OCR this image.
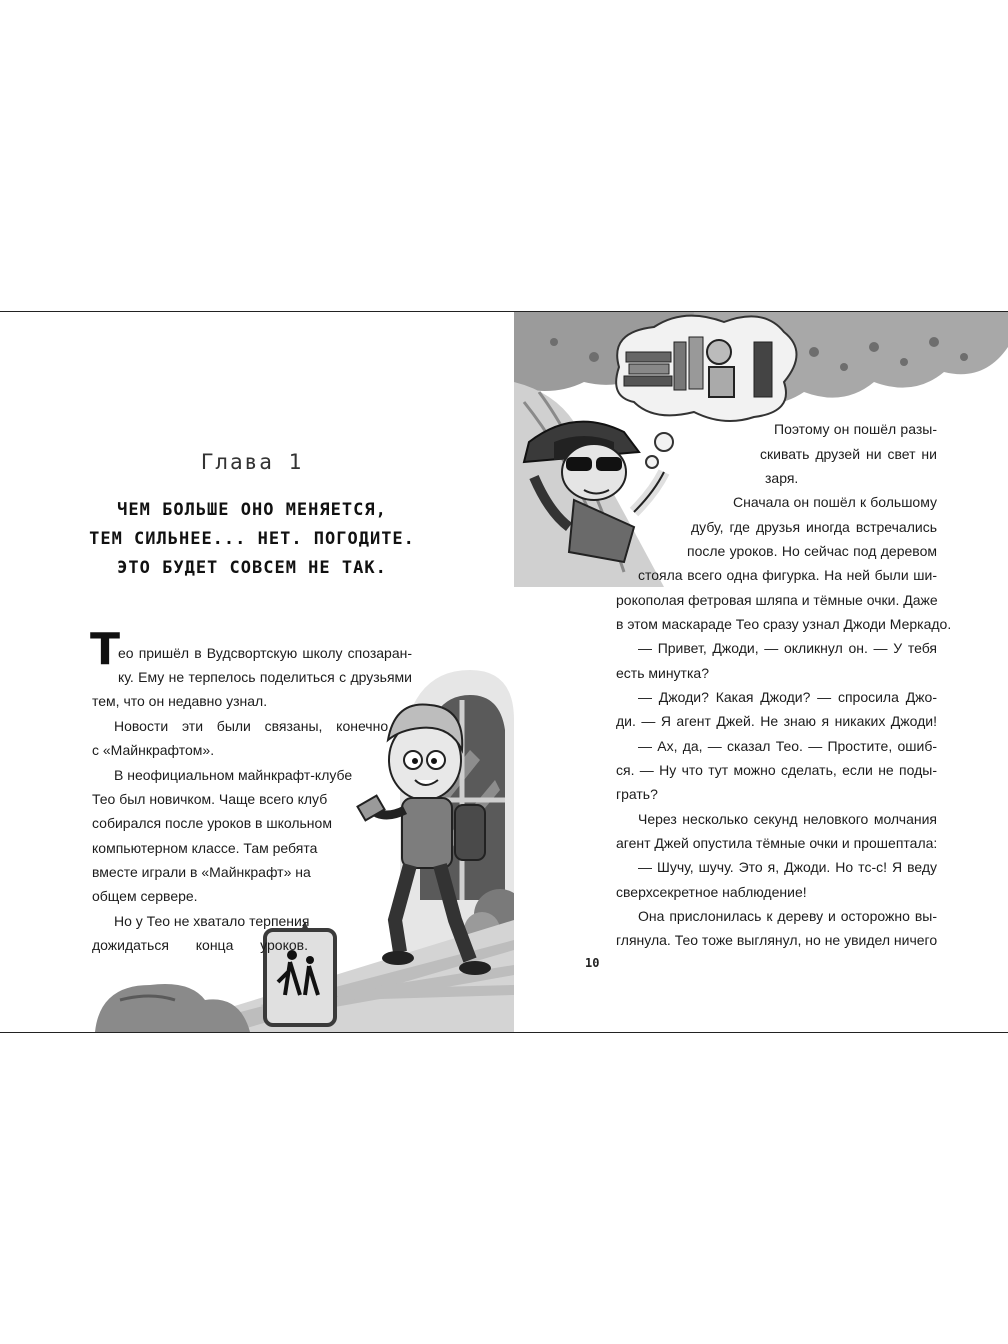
Глава 1
ЧЕМ БОЛЬШЕ ОНО МЕНЯЕТСЯ,
ТЕМ СИЛЬНЕЕ... НЕТ. ПОГОДИТЕ.
ЭТО БУДЕТ СОВСЕМ НЕ ТАК.
Т
ео пришёл в Вудсвортскую школу спозаран-
ку. Ему не терпелось поделиться с друзьями
тем, что он недавно узнал.
Новости эти были связаны, конечно,
с «Майнкрафтом».
В неофициальном майнкрафт-клубе
Тео был новичком. Чаще всего клуб
собирался после уроков в школьном
компьютерном классе. Там ребята
вместе играли в «Майнкрафт» на
общем сервере.
Но у Тео не хватало терпения
дожидаться конца уроков.
Поэтому он пошёл разы-
скивать друзей ни свет ни
заря.
Сначала он пошёл к большому
дубу, где друзья иногда встречались
после уроков. Но сейчас под деревом
стояла всего одна фигурка. На ней были ши-
рокополая фетровая шляпа и тёмные очки. Даже
в этом маскараде Тео сразу узнал Джоди Меркадо.
— Привет, Джоди, — окликнул он. — У тебя
есть минутка?
— Джоди? Какая Джоди? — спросила Джо-
ди. — Я агент Джей. Не знаю я никаких Джоди!
— Ах, да, — сказал Тео. — Простите, ошиб-
ся. — Ну что тут можно сделать, если не поды-
грать?
Через несколько секунд неловкого молчания
агент Джей опустила тёмные очки и прошептала:
— Шучу, шучу. Это я, Джоди. Но тс-с! Я веду
сверхсекретное наблюдение!
Она прислонилась к дереву и осторожно вы-
глянула. Тео тоже выглянул, но не увидел ничего
10
